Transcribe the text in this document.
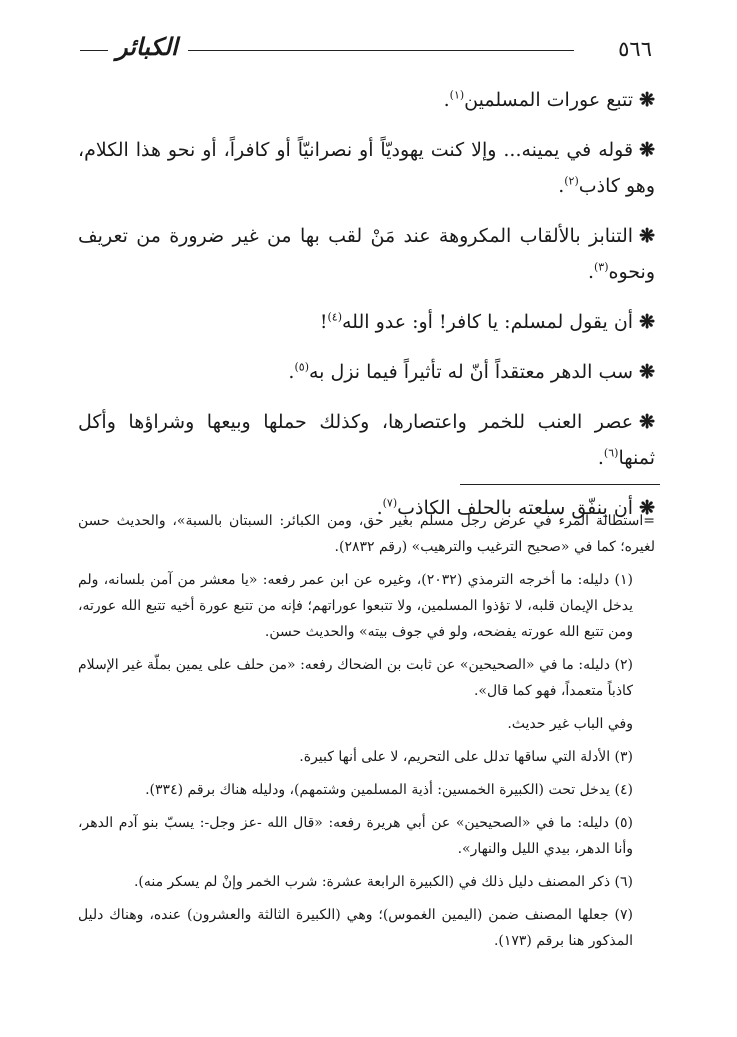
الكبائر	٥٦٦

❋تتبع عورات المسلمين$^{(١)}$.

❋قوله في يمينه... وإلا كنت يهوديّاً أو نصرانيّاً أو كافراً، أو نحو هذا الكلام، وهو كاذب$^{(٢)}$.

❋التنابز بالألقاب المكروهة عند مَنْ لقب بها من غير ضرورة من تعريف ونحوه$^{(٣)}$.

❋أن يقول لمسلم: يا كافر! أو: عدو الله$^{(٤)}$!

❋سب الدهر معتقداً أنّ له تأثيراً فيما نزل به$^{(٥)}$.

❋عصر العنب للخمر واعتصارها، وكذلك حملها وبيعها وشراؤها وأكل ثمنها$^{(٦)}$.

❋أن ينفّق سلعته بالحلف الكاذب$^{(٧)}$.

=استطالة المرء في عرض رجل مسلم بغير حق، ومن الكبائر: السبتان بالسبة»، والحديث حسن لغيره؛ كما في «صحيح الترغيب والترهيب» (رقم ٢٨٣٢).

(١) دليله: ما أخرجه الترمذي (٢٠٣٢)، وغيره عن ابن عمر رفعه: «يا معشر من آمن بلسانه، ولم يدخل الإيمان قلبه، لا تؤذوا المسلمين، ولا تتبعوا عوراتهم؛ فإنه من تتبع عورة أخيه تتبع الله عورته، ومن تتبع الله عورته يفضحه، ولو في جوف بيته» والحديث حسن.

(٢) دليله: ما في «الصحيحين» عن ثابت بن الضحاك رفعه: «من حلف على يمين بملّة غير الإسلام كاذباً متعمداً، فهو كما قال».

وفي الباب غير حديث.

(٣) الأدلة التي ساقها تدلل على التحريم، لا على أنها كبيرة.

(٤) يدخل تحت (الكبيرة الخمسين: أذية المسلمين وشتمهم)، ودليله هناك برقم (٣٣٤).

(٥) دليله: ما في «الصحيحين» عن أبي هريرة رفعه: «قال الله -عز وجل-: يسبّ بنو آدم الدهر، وأنا الدهر، بيدي الليل والنهار».

(٦) ذكر المصنف دليل ذلك في (الكبيرة الرابعة عشرة: شرب الخمر وإنْ لم يسكر منه).

(٧) جعلها المصنف ضمن (اليمين الغموس)؛ وهي (الكبيرة الثالثة والعشرون) عنده، وهناك دليل المذكور هنا برقم (١٧٣).
